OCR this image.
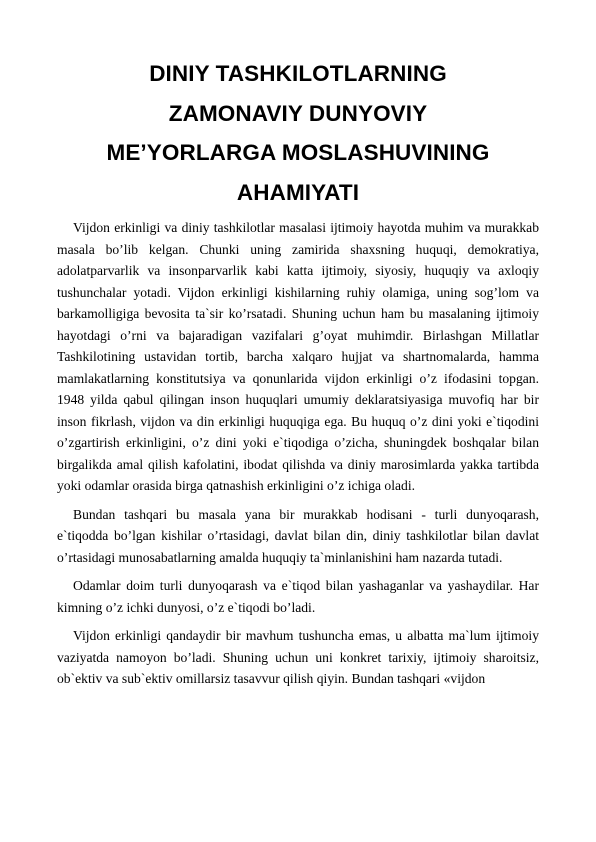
DINIY TASHKILOTLARNING
ZAMONAVIY DUNYOVIY
ME’YORLARGA MOSLASHUVINING
AHAMIYATI

Vijdon erkinligi va diniy tashkilotlar masalasi ijtimoiy hayotda muhim va murakkab masala bo’lib kelgan. Chunki uning zamirida shaxsning huquqi, demokratiya, adolatparvarlik va insonparvarlik kabi katta ijtimoiy, siyosiy, huquqiy va axloqiy tushunchalar yotadi. Vijdon erkinligi kishilarning ruhiy olamiga, uning sog’lom va barkamolligiga bevosita ta`sir ko’rsatadi. Shuning uchun ham bu masalaning ijtimoiy hayotdagi o’rni va bajaradigan vazifalari g’oyat muhimdir. Birlashgan Millatlar Tashkilotining ustavidan tortib, barcha xalqaro hujjat va shartnomalarda, hamma mamlakatlarning konstitutsiya va qonunlarida vijdon erkinligi o’z ifodasini topgan. 1948 yilda qabul qilingan inson huquqlari umumiy deklaratsiyasiga muvofiq har bir inson fikrlash, vijdon va din erkinligi huquqiga ega. Bu huquq o’z dini yoki e`tiqodini o’zgartirish erkinligini, o’z dini yoki e`tiqodiga o’zicha, shuningdek boshqalar bilan birgalikda amal qilish kafolatini, ibodat qilishda va diniy marosimlarda yakka tartibda yoki odamlar orasida birga qatnashish erkinligini o’z ichiga oladi.

Bundan tashqari bu masala yana bir murakkab hodisani - turli dunyoqarash, e`tiqodda bo’lgan kishilar o’rtasidagi, davlat bilan din, diniy tashkilotlar bilan davlat o’rtasidagi munosabatlarning amalda huquqiy ta`minlanishini ham nazarda tutadi.

Odamlar doim turli dunyoqarash va e`tiqod bilan yashaganlar va yashaydilar. Har kimning o’z ichki dunyosi, o’z e`tiqodi bo’ladi.

Vijdon erkinligi qandaydir bir mavhum tushuncha emas, u albatta ma`lum ijtimoiy vaziyatda namoyon bo’ladi. Shuning uchun uni konkret tarixiy, ijtimoiy sharoitsiz, ob`ektiv va sub`ektiv omillarsiz tasavvur qilish qiyin. Bundan tashqari «vijdon
